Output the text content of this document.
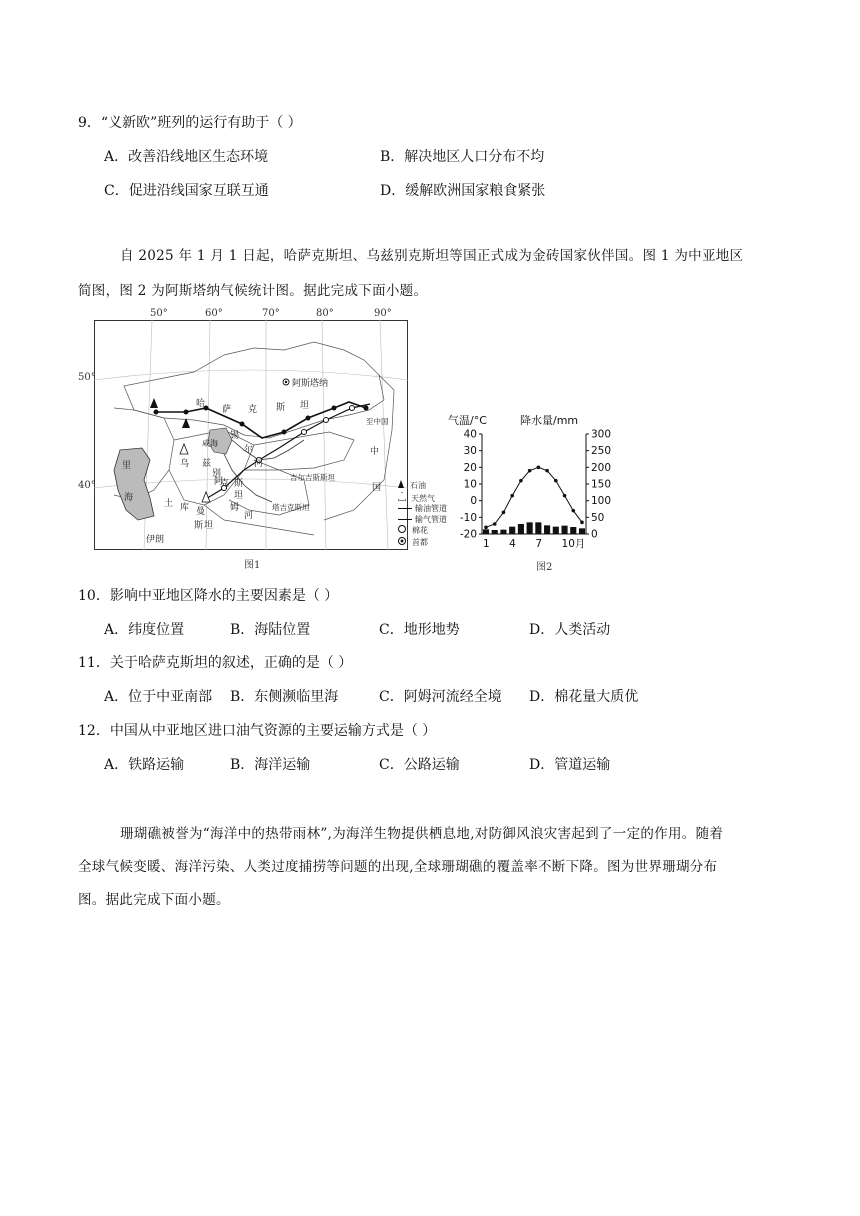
9．“义新欧”班列的运行有助于（ ）
A．改善沿线地区生态环境	B．解决地区人口分布不均
C．促进沿线国家互联互通	D．缓解欧洲国家粮食紧张
自 2025 年 1 月 1 日起，哈萨克斯坦、乌兹别克斯坦等国正式成为金砖国家伙伴国。图 1 为中亚地区
简图，图 2 为阿斯塔纳气候统计图。据此完成下面小题。
阿斯塔纳
哈
萨 克 斯 坦
咸海
乌 兹
别
克 斯
坦
锡
尔
河
阿
姆
河
里
海
土 库 曼
斯 坦
伊朗
吉尔吉斯斯坦
塔吉克斯坦
中
国
至中国
50°	60°	70°	80°	90°
50°
40°	石油
天然气
输油管道
输气管道
棉花
首都
图1
气温/°C	降水量/mm
40
30
20
10
0
-10
-20
300
250
200
150
100
50
0
1 4 7 10月
图2
10．影响中亚地区降水的主要因素是（ ）
A．纬度位置	B．海陆位置	C．地形地势	D．人类活动
11．关于哈萨克斯坦的叙述，正确的是（ ）
A．位于中亚南部 B．东侧濒临里海	C．阿姆河流经全境 D．棉花量大质优
12．中国从中亚地区进口油气资源的主要运输方式是（ ）
A．铁路运输	B．海洋运输	C．公路运输	D．管道运输
珊瑚礁被誉为“海洋中的热带雨林”,为海洋生物提供栖息地,对防御风浪灾害起到了一定的作用。随着
全球气候变暖、海洋污染、人类过度捕捞等问题的出现,全球珊瑚礁的覆盖率不断下降。图为世界珊瑚分布
图。据此完成下面小题。
